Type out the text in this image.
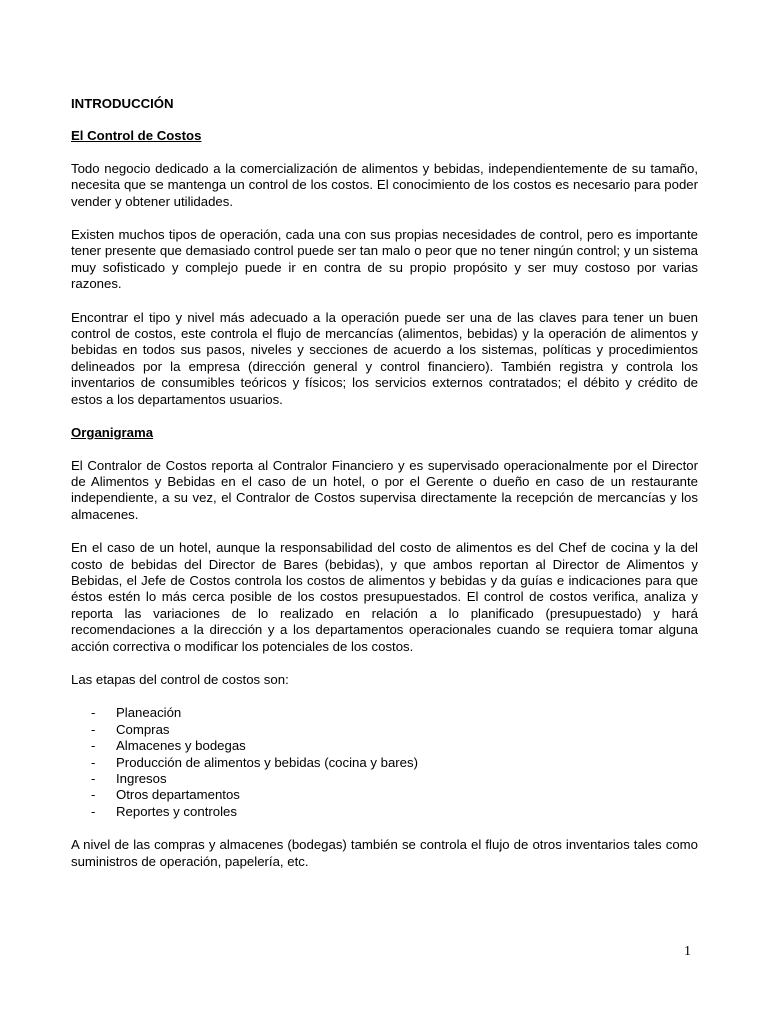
INTRODUCCIÓN
El Control de Costos

Todo negocio dedicado a la comercialización de alimentos y bebidas, independientemente de su tamaño, necesita que se mantenga un control de los costos. El conocimiento de los costos es necesario para poder vender y obtener utilidades.

Existen muchos tipos de operación, cada una con sus propias necesidades de control, pero es importante tener presente que demasiado control puede ser tan malo o peor que no tener ningún control; y un sistema muy sofisticado y complejo puede ir en contra de su propio propósito y ser muy costoso por varias razones.

Encontrar el tipo y nivel más adecuado a la operación puede ser una de las claves para tener un buen control de costos, este controla el flujo de mercancías (alimentos, bebidas) y la operación de alimentos y bebidas en todos sus pasos, niveles y secciones de acuerdo a los sistemas, políticas y procedimientos delineados por la empresa (dirección general y control financiero). También registra y controla los inventarios de consumibles teóricos y físicos; los servicios externos contratados; el débito y crédito de estos a los departamentos usuarios.

Organigrama

El Contralor de Costos reporta al Contralor Financiero y es supervisado operacionalmente por el Director de Alimentos y Bebidas en el caso de un hotel, o por el Gerente o dueño en caso de un restaurante independiente, a su vez, el Contralor de Costos supervisa directamente la recepción de mercancías y los almacenes.

En el caso de un hotel, aunque la responsabilidad del costo de alimentos es del Chef de cocina y la del costo de bebidas del Director de Bares (bebidas), y que ambos reportan al Director de Alimentos y Bebidas, el Jefe de Costos controla los costos de alimentos y bebidas y da guías e indicaciones para que éstos estén lo más cerca posible de los costos presupuestados. El control de costos verifica, analiza y reporta las variaciones de lo realizado en relación a lo planificado (presupuestado) y hará recomendaciones a la dirección y a los departamentos operacionales cuando se requiera tomar alguna acción correctiva o modificar los potenciales de los costos.

Las etapas del control de costos son:

-	Planeación
-	Compras
-	Almacenes y bodegas
-	Producción de alimentos y bebidas (cocina y bares)
-	Ingresos
-	Otros departamentos
-	Reportes y controles

A nivel de las compras y almacenes (bodegas) también se controla el flujo de otros inventarios tales como suministros de operación, papelería, etc.

1
